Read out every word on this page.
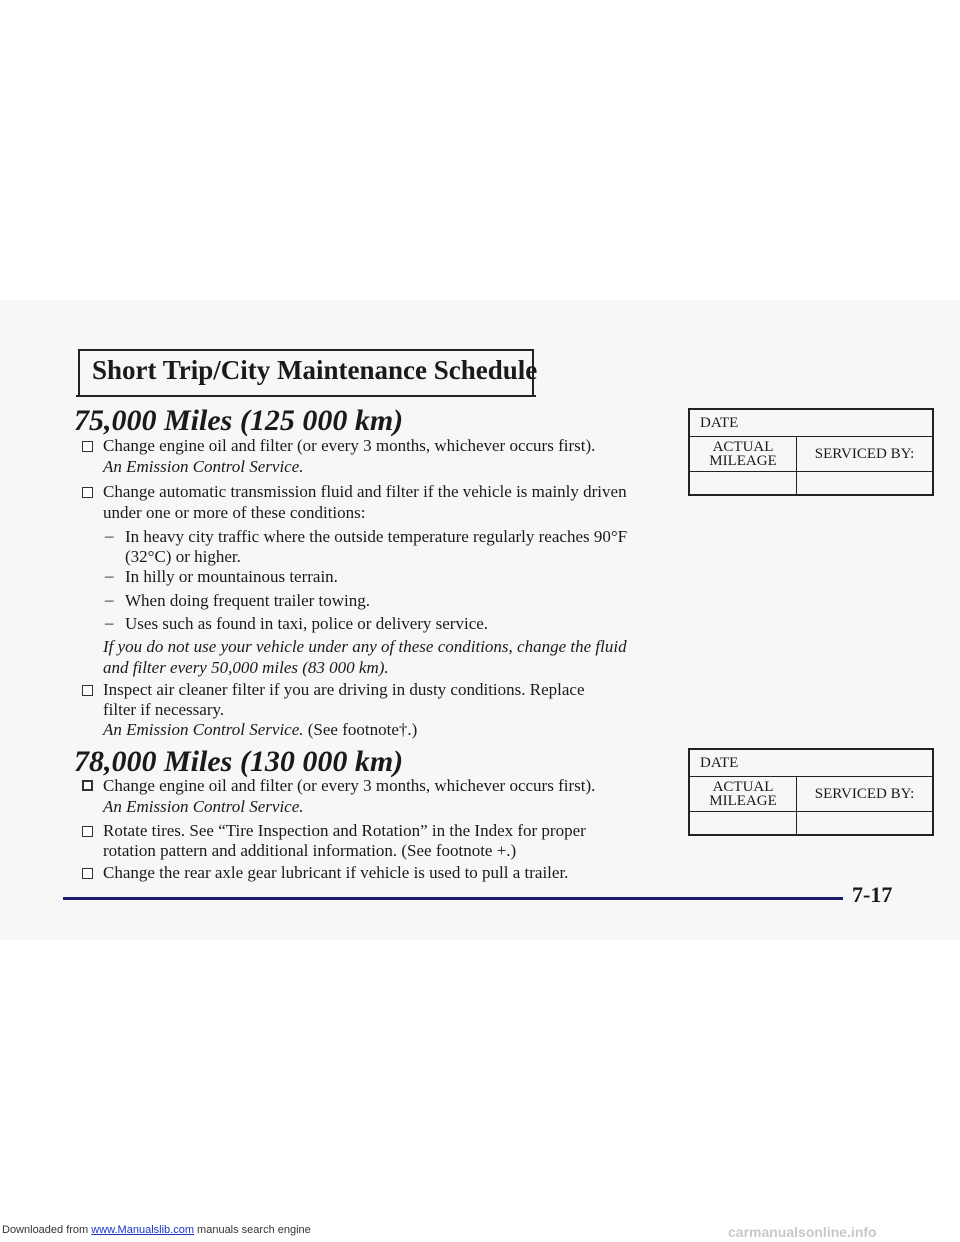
Short Trip/City Maintenance Schedule
75,000 Miles (125 000 km)
Change engine oil and filter (or every 3 months, whichever occurs first).
An Emission Control Service.
Change automatic transmission fluid and filter if the vehicle is mainly driven
under one or more of these conditions:
– In heavy city traffic where the outside temperature regularly reaches 90°F
(32°C) or higher.
– In hilly or mountainous terrain.
– When doing frequent trailer towing.
– Uses such as found in taxi, police or delivery service.
If you do not use your vehicle under any of these conditions, change the fluid
and filter every 50,000 miles (83 000 km).
Inspect air cleaner filter if you are driving in dusty conditions. Replace
filter if necessary.
An Emission Control Service. (See footnote†.)
78,000 Miles (130 000 km)
Change engine oil and filter (or every 3 months, whichever occurs first).
An Emission Control Service.
Rotate tires. See “Tire Inspection and Rotation” in the Index for proper
rotation pattern and additional information. (See footnote +.)
Change the rear axle gear lubricant if vehicle is used to pull a trailer.
DATE	
ACTUAL
MILEAGE	SERVICED BY:

DATE	
ACTUAL
MILEAGE	SERVICED BY:

7-17
Downloaded from www.Manualslib.com manuals search engine	carmanualsonline.info
